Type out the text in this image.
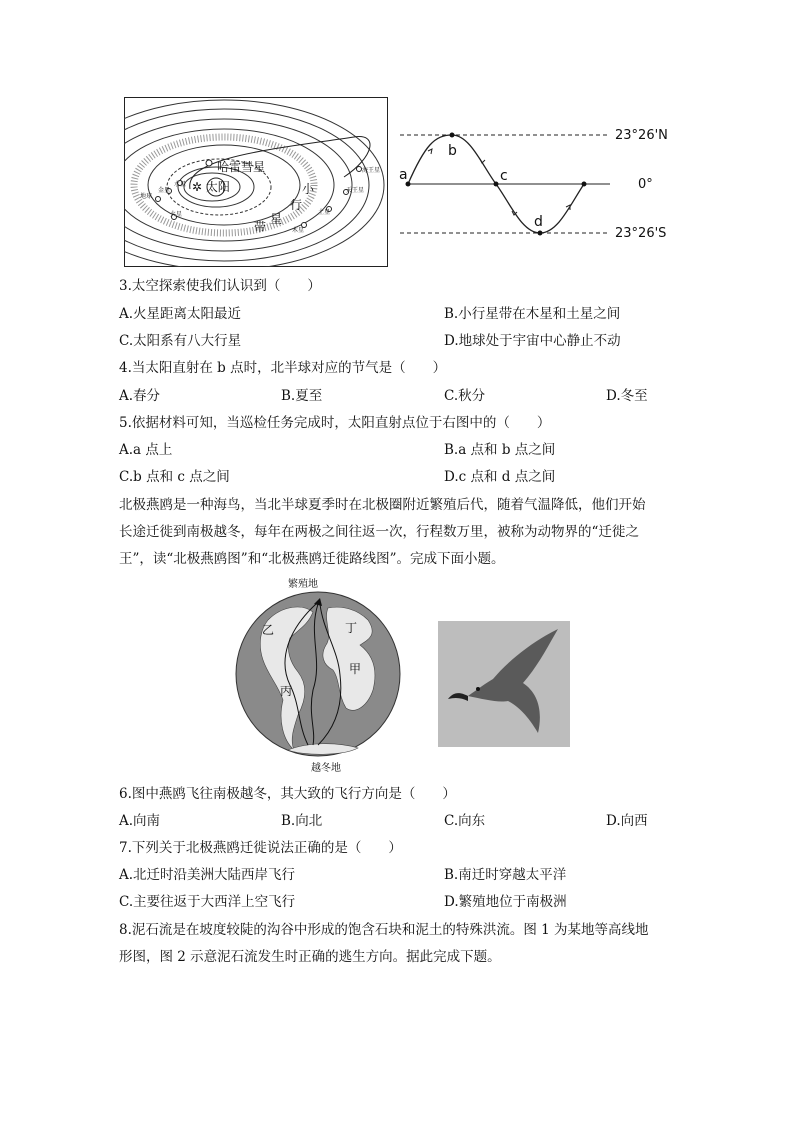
✲ 太阳
哈雷彗星
小
行
星
带
水星
金星
地球
火星
木星
土星
天王星
海王星
23°26'N
0°
23°26'S
a
b
c
d
3.太空探索使我们认识到（　　）
A.火星距离太阳最近	B.小行星带在木星和土星之间
C.太阳系有八大行星	D.地球处于宇宙中心静止不动
4.当太阳直射在 b 点时，北半球对应的节气是（　　）
A.春分	B.夏至	C.秋分	D.冬至
5.依据材料可知，当巡检任务完成时，太阳直射点位于右图中的（　　）
A.a 点上	B.a 点和 b 点之间
C.b 点和 c 点之间	D.c 点和 d 点之间
北极燕鸥是一种海鸟，当北半球夏季时在北极圈附近繁殖后代，随着气温降低，他们开始
长途迁徙到南极越冬，每年在两极之间往返一次，行程数万里，被称为动物界的“迁徙之
王”，读“北极燕鸥图”和“北极燕鸥迁徙路线图”。完成下面小题。
繁殖地
越冬地
乙	丁
甲
丙
6.图中燕鸥飞往南极越冬，其大致的飞行方向是（　　）
A.向南	B.向北	C.向东	D.向西
7.下列关于北极燕鸥迁徙说法正确的是（　　）
A.北迁时沿美洲大陆西岸飞行	B.南迁时穿越太平洋
C.主要往返于大西洋上空飞行	D.繁殖地位于南极洲
8.泥石流是在坡度较陡的沟谷中形成的饱含石块和泥土的特殊洪流。图 1 为某地等高线地
形图，图 2 示意泥石流发生时正确的逃生方向。据此完成下题。
